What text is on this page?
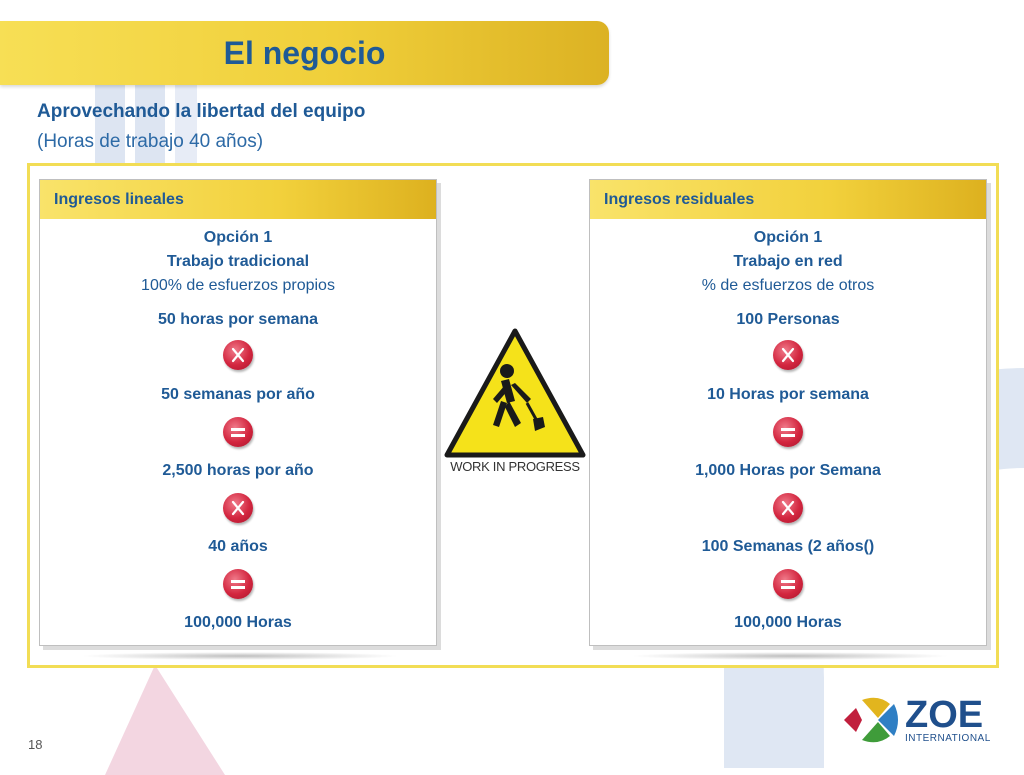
El negocio
Aprovechando la libertad del equipo
(Horas de trabajo 40 años)
Ingresos lineales
Opción 1
Trabajo tradicional
100% de esfuerzos propios
50 horas por semana
50 semanas por año
2,500 horas por año
40 años
100,000 Horas
Ingresos residuales
Opción 1
Trabajo en red
% de esfuerzos de otros
100 Personas
10 Horas por semana
1,000 Horas por Semana
100 Semanas (2 años()
100,000 Horas
WORK IN PROGRESS
ZOE
INTERNATIONAL
18
